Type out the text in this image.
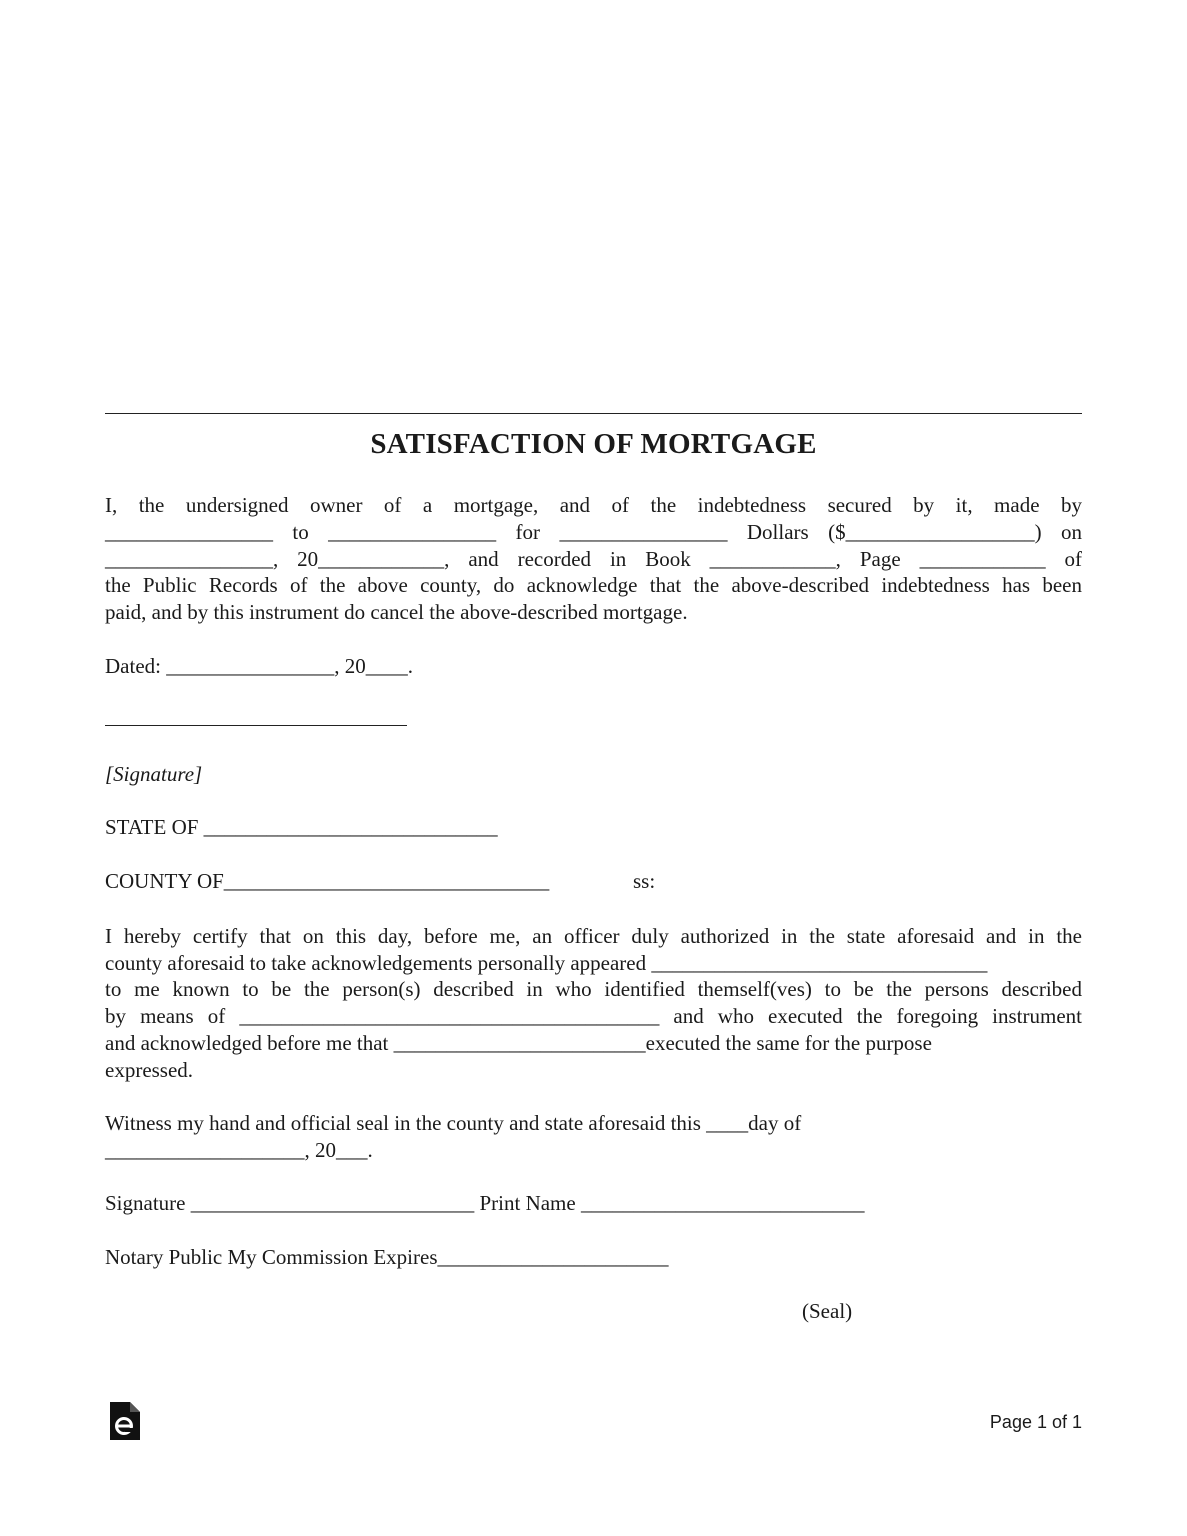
SATISFACTION OF MORTGAGE

I, the undersigned owner of a mortgage, and of the indebtedness secured by it, made by

________________ to ________________ for ________________ Dollars ($__________________) on

________________, 20____________, and recorded in Book ____________, Page ____________ of

the Public Records of the above county, do acknowledge that the above-described indebtedness has been

paid, and by this instrument do cancel the above-described mortgage.

Dated: ________________, 20____.

[Signature]

STATE OF ____________________________

COUNTY OF_______________________________	ss:

I hereby certify that on this day, before me, an officer duly authorized in the state aforesaid and in the

county aforesaid to take acknowledgements personally appeared ________________________________

to me known to be the person(s) described in who identified themself(ves) to be the persons described

by means of ________________________________________ and who executed the foregoing instrument

and acknowledged before me that ________________________executed the same for the purpose

expressed.

Witness my hand and official seal in the county and state aforesaid this ____day of

___________________, 20___.

Signature ___________________________ Print Name ___________________________

Notary Public My Commission Expires______________________

(Seal)
Page 1 of 1
